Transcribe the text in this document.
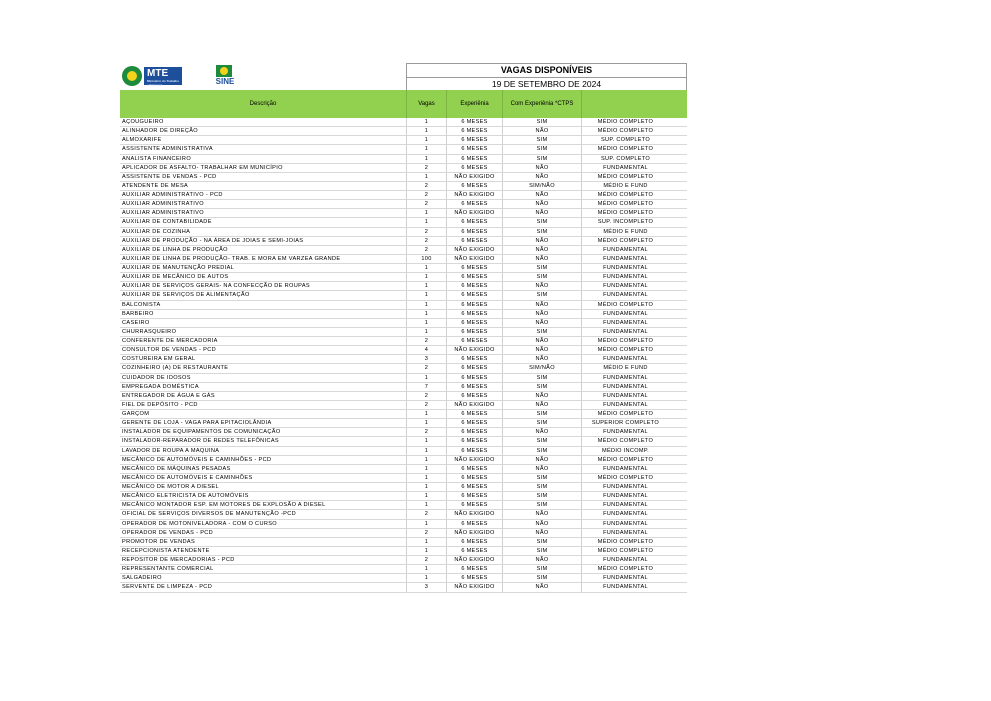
MTE
Ministério do Trabalho e Emprego	SINE
VAGAS DISPONÍVEIS
19 DE SETEMBRO DE 2024
Descrição	Vagas	Experiênia	Com Experiênia *CTPS
AÇOUGUEIRO	1	6 MESES	SIM	MÉDIO COMPLETO
ALINHADOR DE DIREÇÃO	1	6 MESES	NÃO	MÉDIO COMPLETO
ALMOXARIFE	1	6 MESES	SIM	SUP. COMPLETO
ASSISTENTE ADMINISTRATIVA	1	6 MESES	SIM	MÉDIO COMPLETO
ANALISTA FINANCEIRO	1	6 MESES	SIM	SUP. COMPLETO
APLICADOR DE ASFALTO- TRABALHAR EM MUNICÍPIO	2	6 MESES	NÃO	FUNDAMENTAL
ASSISTENTE DE VENDAS - PCD	1	NÃO EXIGIDO	NÃO	MÉDIO COMPLETO
ATENDENTE DE MESA	2	6 MESES	SIM/NÃO	MÉDIO E FUND
AUXILIAR ADMINISTRATIVO - PCD	2	NÃO EXIGIDO	NÃO	MÉDIO COMPLETO
AUXILIAR ADMINISTRATIVO	2	6 MESES	NÃO	MÉDIO COMPLETO
AUXILIAR ADMINISTRATIVO	1	NÃO EXIGIDO	NÃO	MÉDIO COMPLETO
AUXILIAR DE CONTABILIDADE	1	6 MESES	SIM	SUP. INCOMPLETO
AUXILIAR DE COZINHA	2	6 MESES	SIM	MÉDIO E FUND
AUXILIAR DE PRODUÇÃO - NA ÁREA DE JOIAS E SEMI-JOIAS	2	6 MESES	NÃO	MÉDIO COMPLETO
AUXILIAR DE LINHA DE PRODUÇÃO	2	NÃO EXIGIDO	NÃO	FUNDAMENTAL
AUXILIAR DE LINHA DE PRODUÇÃO- TRAB. E MORA EM VARZEA GRANDE	100	NÃO EXIGIDO	NÃO	FUNDAMENTAL
AUXILIAR DE MANUTENÇÃO PREDIAL	1	6 MESES	SIM	FUNDAMENTAL
AUXILIAR DE MECÂNICO DE AUTOS	1	6 MESES	SIM	FUNDAMENTAL
AUXILIAR DE SERVIÇOS GERAIS- NA CONFECÇÃO DE ROUPAS	1	6 MESES	NÃO	FUNDAMENTAL
AUXILIAR DE SERVIÇOS DE ALIMENTAÇÃO	1	6 MESES	SIM	FUNDAMENTAL
BALCONISTA	1	6 MESES	NÃO	MÉDIO COMPLETO
BARBEIRO	1	6 MESES	NÃO	FUNDAMENTAL
CASEIRO	1	6 MESES	NÃO	FUNDAMENTAL
CHURRASQUEIRO	1	6 MESES	SIM	FUNDAMENTAL
CONFERENTE DE MERCADORIA	2	6 MESES	NÃO	MÉDIO COMPLETO
CONSULTOR DE VENDAS - PCD	4	NÃO EXIGIDO	NÃO	MÉDIO COMPLETO
COSTUREIRA EM GERAL	3	6 MESES	NÃO	FUNDAMENTAL
COZINHEIRO (A) DE RESTAURANTE	2	6 MESES	SIM/NÃO	MÉDIO E FUND
CUIDADOR DE IDOSOS	1	6 MESES	SIM	FUNDAMENTAL
EMPREGADA DOMÉSTICA	7	6 MESES	SIM	FUNDAMENTAL
ENTREGADOR DE ÁGUA E GÁS	2	6 MESES	NÃO	FUNDAMENTAL
FIEL DE DEPÓSITO - PCD	2	NÃO EXIGIDO	NÃO	FUNDAMENTAL
GARÇOM	1	6 MESES	SIM	MÉDIO COMPLETO
GERENTE DE LOJA - VAGA PARA EPITACIOLÂNDIA	1	6 MESES	SIM	SUPERIOR COMPLETO
INSTALADOR DE EQUIPAMENTOS DE COMUNICAÇÃO	2	6 MESES	NÃO	FUNDAMENTAL
INSTALADOR-REPARADOR DE REDES TELEFÔNICAS	1	6 MESES	SIM	MÉDIO COMPLETO
LAVADOR DE ROUPA A MAQUINA	1	6 MESES	SIM	MÉDIO INCOMP.
MECÂNICO DE AUTOMÓVEIS E CAMINHÕES - PCD	1	NÃO EXIGIDO	NÃO	MÉDIO COMPLETO
MECÂNICO DE MÁQUINAS PESADAS	1	6 MESES	NÃO	FUNDAMENTAL
MECÂNICO DE AUTOMÓVEIS E CAMINHÕES	1	6 MESES	SIM	MÉDIO COMPLETO
MECÂNICO DE MOTOR A DIESEL	1	6 MESES	SIM	FUNDAMENTAL
MECÂNICO ELETRICISTA DE AUTOMÓVEIS	1	6 MESES	SIM	FUNDAMENTAL
MECÂNICO MONTADOR ESP. EM MOTORES DE EXPLOSÃO A DIESEL	1	6 MESES	SIM	FUNDAMENTAL
OFICIAL DE SERVIÇOS DIVERSOS DE MANUTENÇÃO -PCD	2	NÃO EXIGIDO	NÃO	FUNDAMENTAL
OPERADOR DE MOTONIVELADORA - COM O CURSO	1	6 MESES	NÃO	FUNDAMENTAL
OPERADOR DE VENDAS - PCD	2	NÃO EXIGIDO	NÃO	FUNDAMENTAL
PROMOTOR DE VENDAS	1	6 MESES	SIM	MÉDIO COMPLETO
RECEPCIONISTA ATENDENTE	1	6 MESES	SIM	MÉDIO COMPLETO
REPOSITOR DE MERCADORIAS - PCD	2	NÃO EXIGIDO	NÃO	FUNDAMENTAL
REPRESENTANTE COMERCIAL	1	6 MESES	SIM	MÉDIO COMPLETO
SALGADEIRO	1	6 MESES	SIM	FUNDAMENTAL
SERVENTE DE LIMPEZA - PCD	3	NÃO EXIGIDO	NÃO	FUNDAMENTAL
